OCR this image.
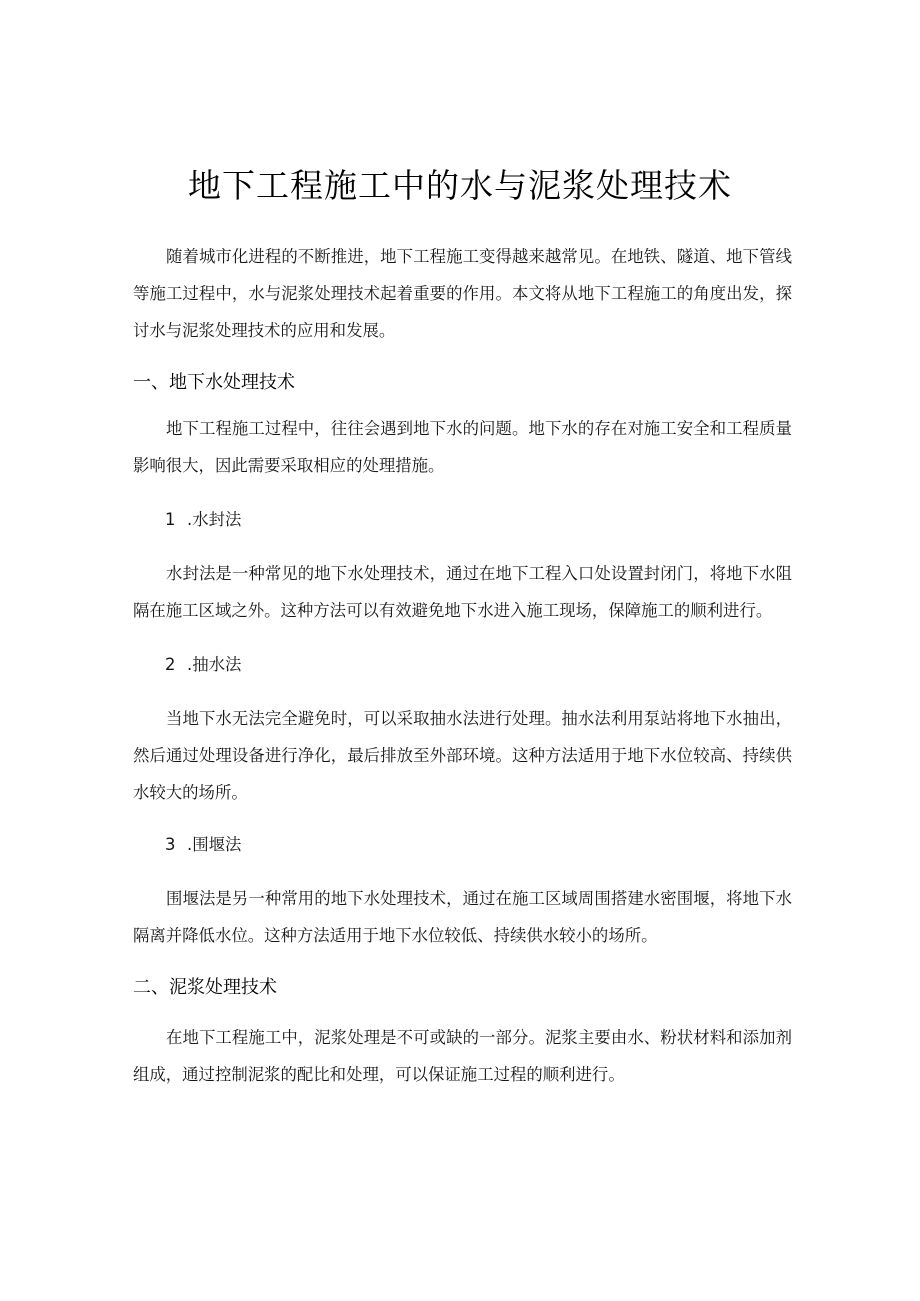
地下工程施工中的水与泥浆处理技术

随着城市化进程的不断推进，地下工程施工变得越来越常见。在地铁、隧道、地下管线等施工过程中，水与泥浆处理技术起着重要的作用。本文将从地下工程施工的角度出发，探讨水与泥浆处理技术的应用和发展。

一、地下水处理技术

地下工程施工过程中，往往会遇到地下水的问题。地下水的存在对施工安全和工程质量影响很大，因此需要采取相应的处理措施。

1 .水封法

水封法是一种常见的地下水处理技术，通过在地下工程入口处设置封闭门，将地下水阻隔在施工区域之外。这种方法可以有效避免地下水进入施工现场，保障施工的顺利进行。

2 .抽水法

当地下水无法完全避免时，可以采取抽水法进行处理。抽水法利用泵站将地下水抽出，然后通过处理设备进行净化，最后排放至外部环境。这种方法适用于地下水位较高、持续供水较大的场所。

3 .围堰法

围堰法是另一种常用的地下水处理技术，通过在施工区域周围搭建水密围堰，将地下水隔离并降低水位。这种方法适用于地下水位较低、持续供水较小的场所。

二、泥浆处理技术

在地下工程施工中，泥浆处理是不可或缺的一部分。泥浆主要由水、粉状材料和添加剂组成，通过控制泥浆的配比和处理，可以保证施工过程的顺利进行。
